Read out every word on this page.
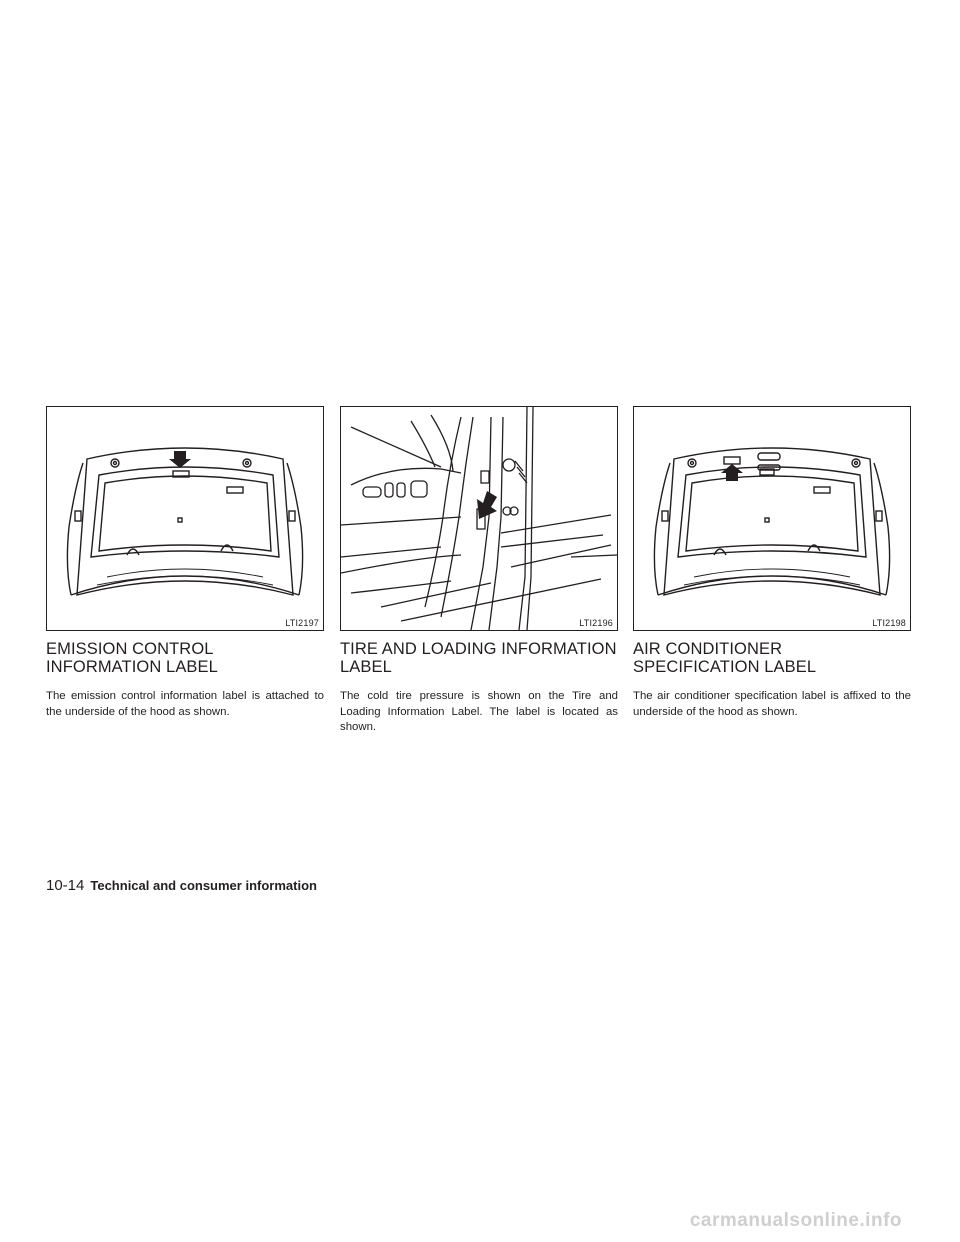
LTI2197
EMISSION CONTROL INFORMATION LABEL

The emission control information label is attached to the underside of the hood as shown.

LTI2196
TIRE AND LOADING INFORMATION LABEL

The cold tire pressure is shown on the Tire and Loading Information Label. The label is located as shown.

LTI2198
AIR CONDITIONER SPECIFICATION LABEL

The air conditioner specification label is affixed to the underside of the hood as shown.

10-14 Technical and consumer information
carmanualsonline.info
